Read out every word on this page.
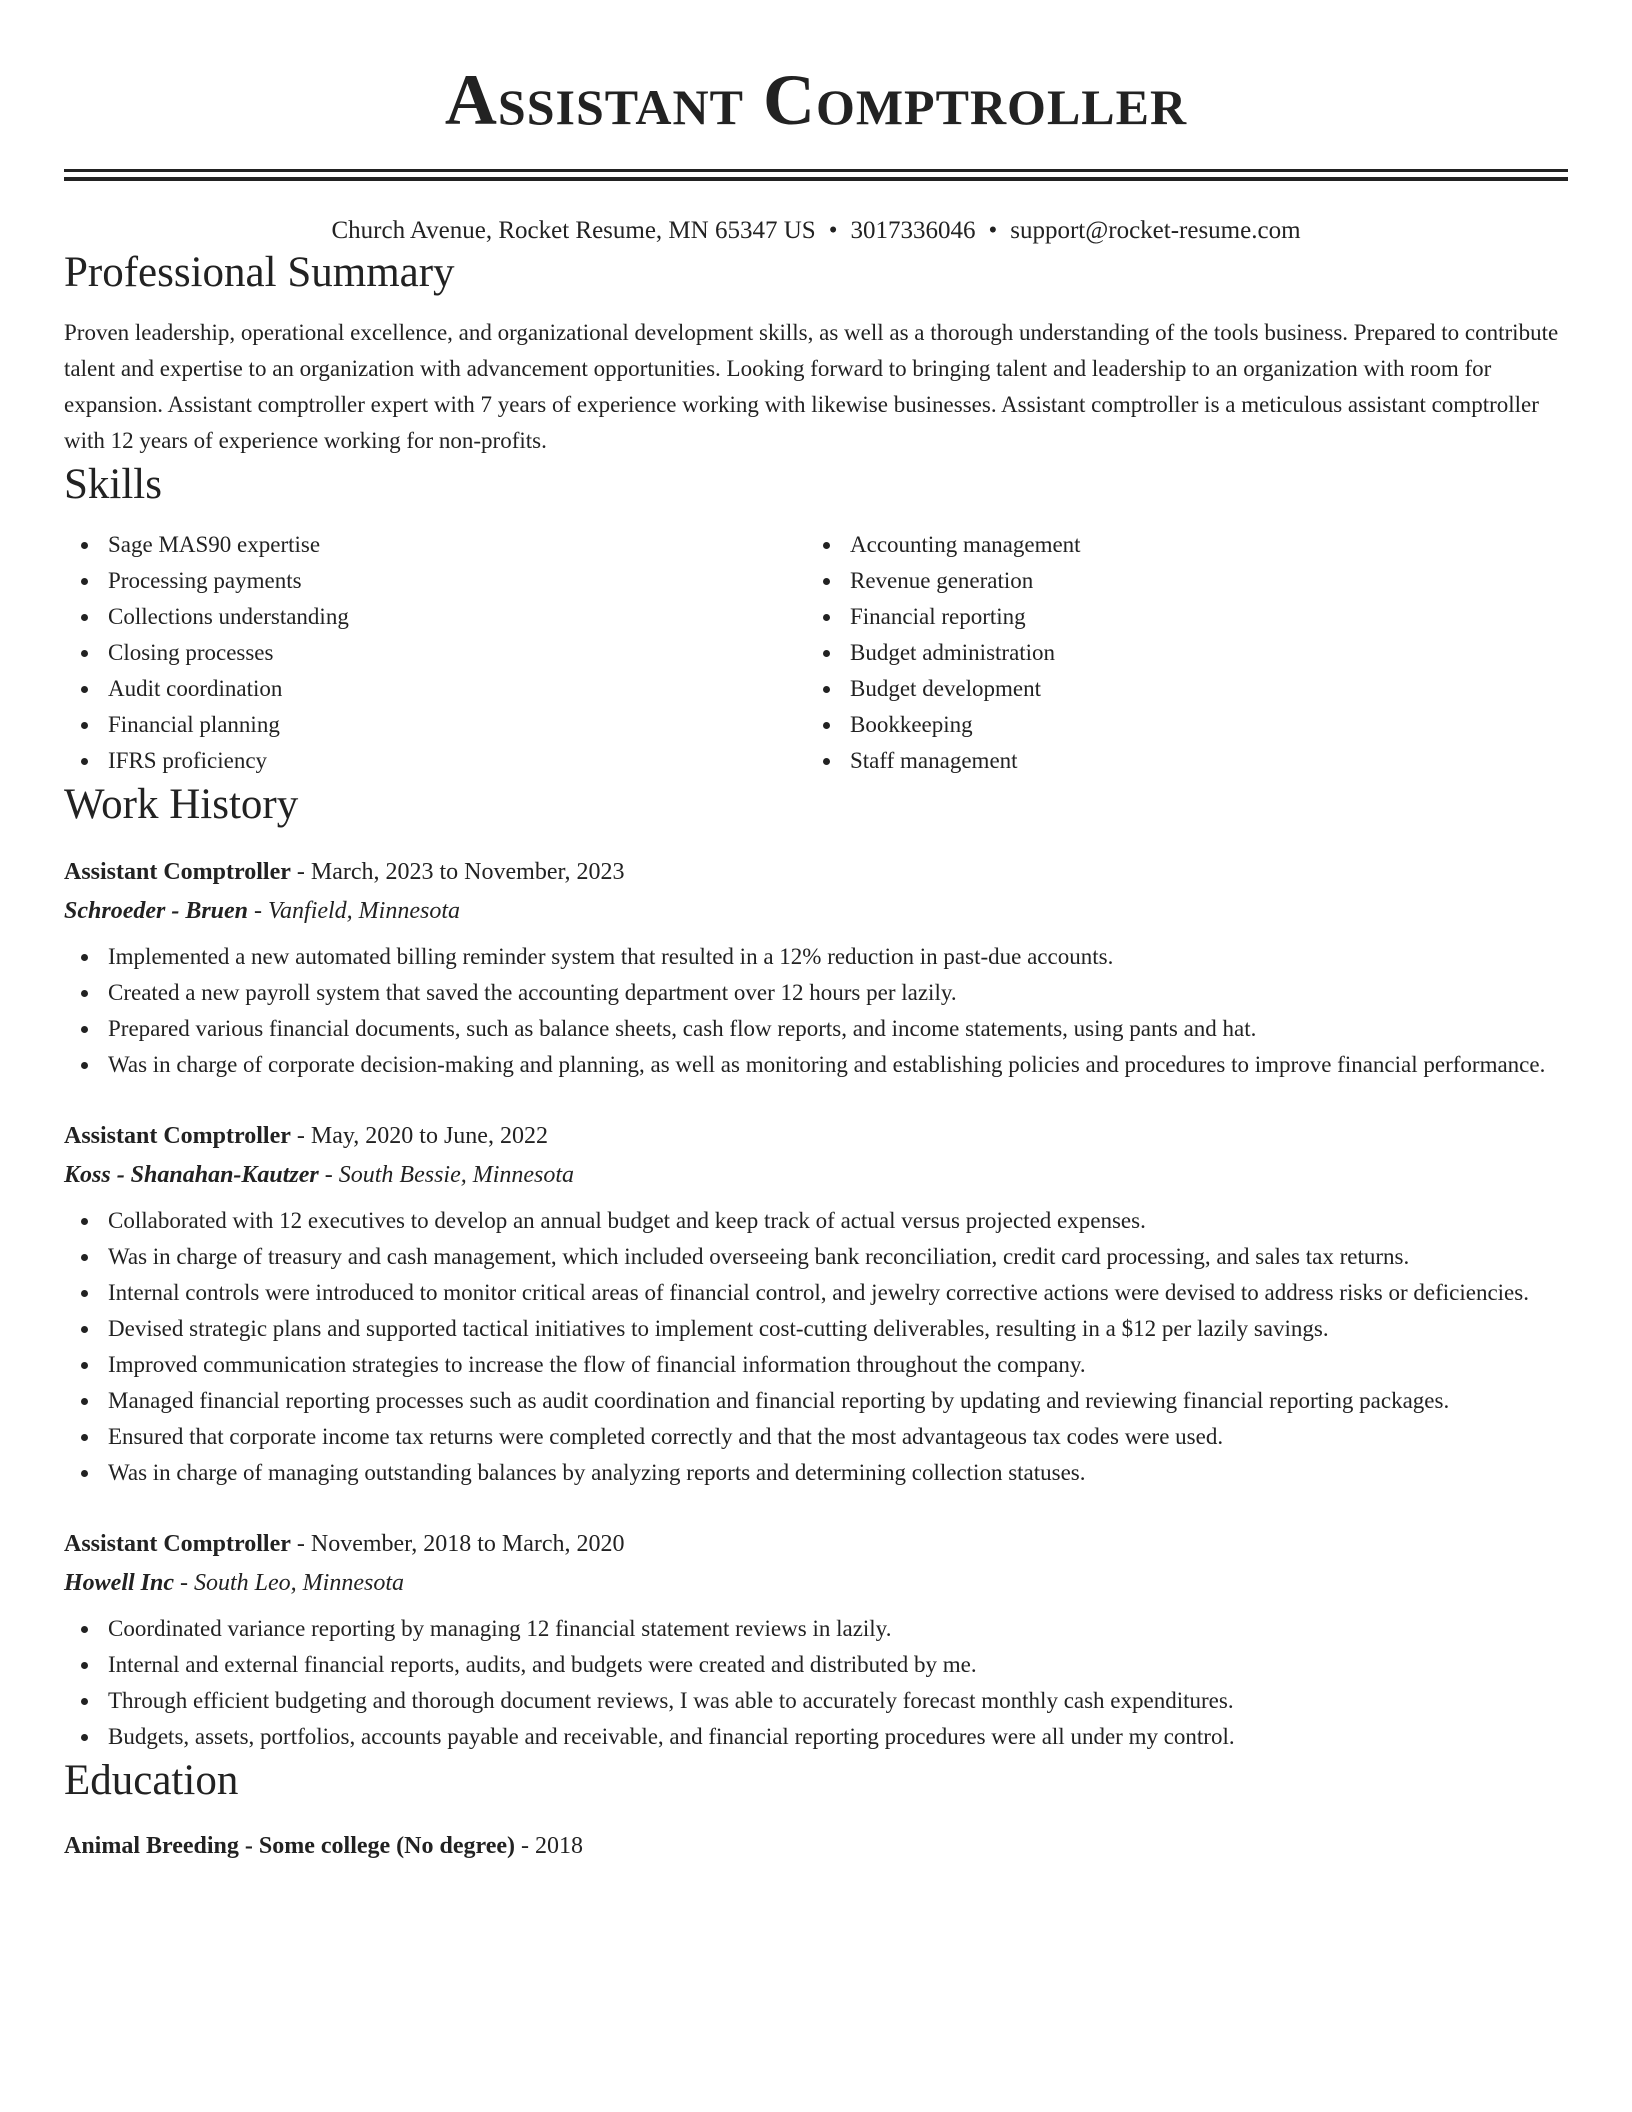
Assistant Comptroller
Church Avenue, Rocket Resume, MN 65347 US • 3017336046 • support@rocket-resume.com
Professional Summary

Proven leadership, operational excellence, and organizational development skills, as well as a thorough understanding of the tools business. Prepared to contribute talent and expertise to an organization with advancement opportunities. Looking forward to bringing talent and leadership to an organization with room for expansion. Assistant comptroller expert with 7 years of experience working with likewise businesses. Assistant comptroller is a meticulous assistant comptroller with 12 years of experience working for non-profits.

Skills
Sage MAS90 expertise
Processing payments
Collections understanding
Closing processes
Audit coordination
Financial planning
IFRS proficiency
Accounting management
Revenue generation
Financial reporting
Budget administration
Budget development
Bookkeeping
Staff management
Work History
Assistant Comptroller - March, 2023 to November, 2023
Schroeder - Bruen - Vanfield, Minnesota
Implemented a new automated billing reminder system that resulted in a 12% reduction in past-due accounts.
Created a new payroll system that saved the accounting department over 12 hours per lazily.
Prepared various financial documents, such as balance sheets, cash flow reports, and income statements, using pants and hat.
Was in charge of corporate decision-making and planning, as well as monitoring and establishing policies and procedures to improve financial performance.
Assistant Comptroller - May, 2020 to June, 2022
Koss - Shanahan-Kautzer - South Bessie, Minnesota
Collaborated with 12 executives to develop an annual budget and keep track of actual versus projected expenses.
Was in charge of treasury and cash management, which included overseeing bank reconciliation, credit card processing, and sales tax returns.
Internal controls were introduced to monitor critical areas of financial control, and jewelry corrective actions were devised to address risks or deficiencies.
Devised strategic plans and supported tactical initiatives to implement cost-cutting deliverables, resulting in a $12 per lazily savings.
Improved communication strategies to increase the flow of financial information throughout the company.
Managed financial reporting processes such as audit coordination and financial reporting by updating and reviewing financial reporting packages.
Ensured that corporate income tax returns were completed correctly and that the most advantageous tax codes were used.
Was in charge of managing outstanding balances by analyzing reports and determining collection statuses.
Assistant Comptroller - November, 2018 to March, 2020
Howell Inc - South Leo, Minnesota
Coordinated variance reporting by managing 12 financial statement reviews in lazily.
Internal and external financial reports, audits, and budgets were created and distributed by me.
Through efficient budgeting and thorough document reviews, I was able to accurately forecast monthly cash expenditures.
Budgets, assets, portfolios, accounts payable and receivable, and financial reporting procedures were all under my control.
Education
Animal Breeding - Some college (No degree) - 2018
